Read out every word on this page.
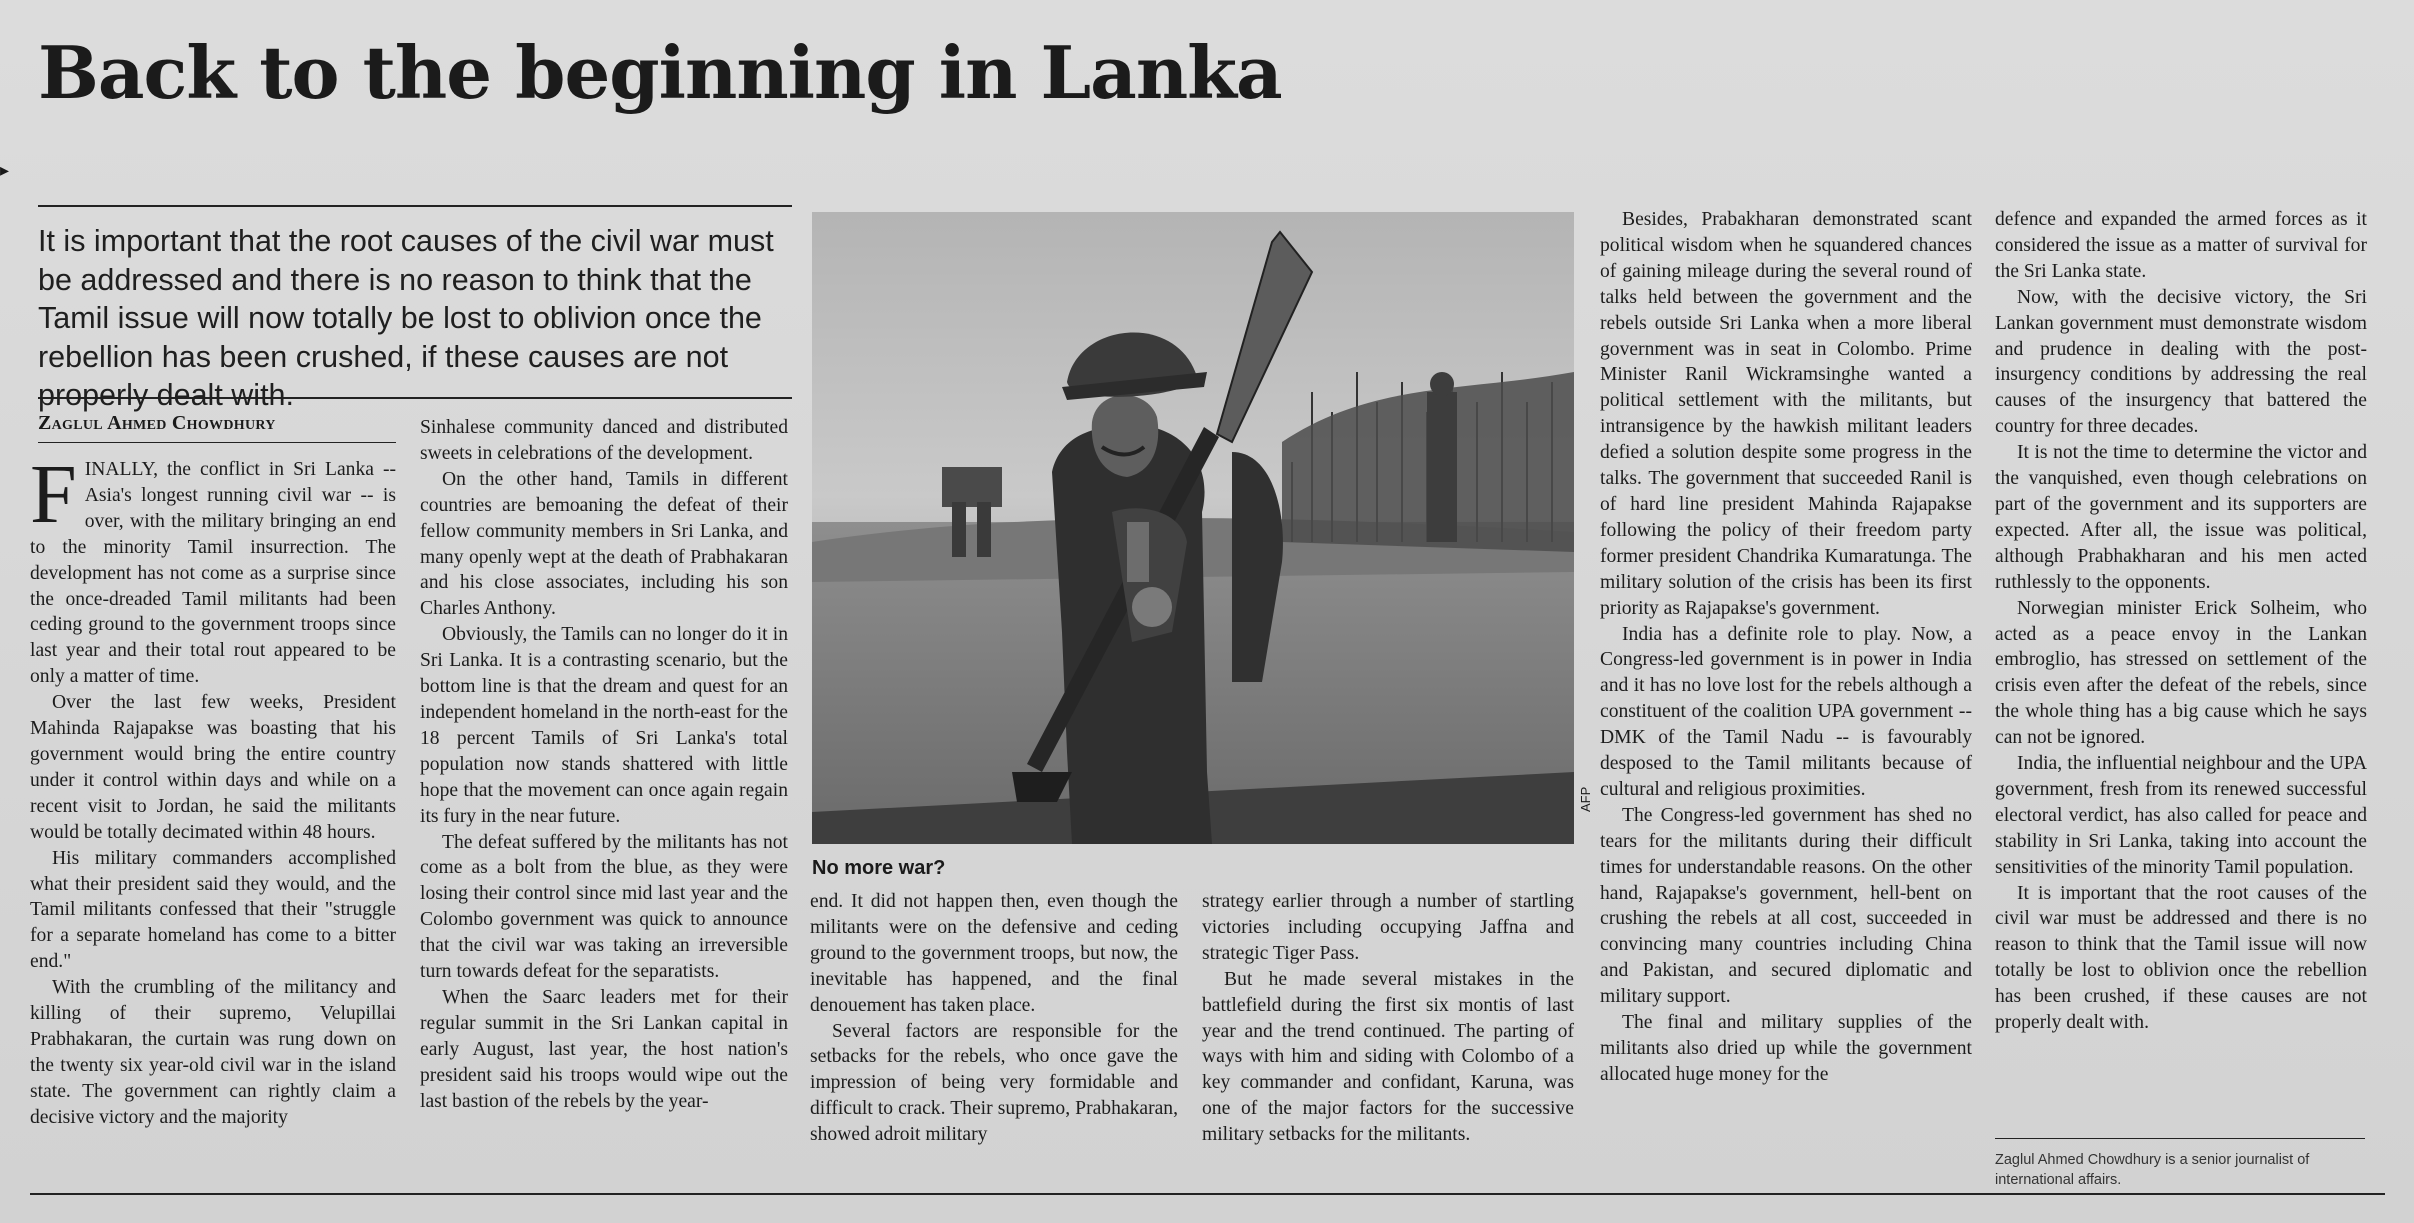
Back to the beginning in Lanka
▸
It is important that the root causes of the civil war must be addressed and there is no reason to think that the Tamil issue will now totally be lost to oblivion once the rebellion has been crushed, if these causes are not properly dealt with.
Zaglul Ahmed Chowdhury

FINALLY, the conflict in Sri Lanka -- Asia's longest running civil war -- is over, with the military bringing an end to the minority Tamil insurrection. The development has not come as a surprise since the once-dreaded Tamil militants had been ceding ground to the government troops since last year and their total rout appeared to be only a matter of time.

Over the last few weeks, President Mahinda Rajapakse was boasting that his government would bring the entire country under it control within days and while on a recent visit to Jordan, he said the militants would be totally decimated within 48 hours.

His military commanders accomplished what their president said they would, and the Tamil militants confessed that their "struggle for a separate homeland has come to a bitter end."

With the crumbling of the militancy and killing of their supremo, Velupillai Prabhakaran, the curtain was rung down on the twenty six year-old civil war in the island state. The government can rightly claim a decisive victory and the majority

Sinhalese community danced and distributed sweets in celebrations of the development.

On the other hand, Tamils in different countries are bemoaning the defeat of their fellow community members in Sri Lanka, and many openly wept at the death of Prabhakaran and his close associates, including his son Charles Anthony.

Obviously, the Tamils can no longer do it in Sri Lanka. It is a contrasting scenario, but the bottom line is that the dream and quest for an independent homeland in the north-east for the 18 percent Tamils of Sri Lanka's total population now stands shattered with little hope that the movement can once again regain its fury in the near future.

The defeat suffered by the militants has not come as a bolt from the blue, as they were losing their control since mid last year and the Colombo government was quick to announce that the civil war was taking an irreversible turn towards defeat for the separatists.

When the Saarc leaders met for their regular summit in the Sri Lankan capital in early August, last year, the host nation's president said his troops would wipe out the last bastion of the rebels by the year-

AFP
No more war?

end. It did not happen then, even though the militants were on the defensive and ceding ground to the government troops, but now, the inevitable has happened, and the final denouement has taken place.

Several factors are responsible for the setbacks for the rebels, who once gave the impression of being very formidable and difficult to crack. Their supremo, Prabhakaran, showed adroit military

strategy earlier through a number of startling victories including occupying Jaffna and strategic Tiger Pass.

But he made several mistakes in the battlefield during the first six montis of last year and the trend continued. The parting of ways with him and siding with Colombo of a key commander and confidant, Karuna, was one of the major factors for the successive military setbacks for the militants.

Besides, Prabakharan demonstrated scant political wisdom when he squandered chances of gaining mileage during the several round of talks held between the government and the rebels outside Sri Lanka when a more liberal government was in seat in Colombo. Prime Minister Ranil Wickramsinghe wanted a political settlement with the militants, but intransigence by the hawkish militant leaders defied a solution despite some progress in the talks. The government that succeeded Ranil is of hard line president Mahinda Rajapakse following the policy of their freedom party former president Chandrika Kumaratunga. The military solution of the crisis has been its first priority as Rajapakse's government.

India has a definite role to play. Now, a Congress-led government is in power in India and it has no love lost for the rebels although a constituent of the coalition UPA government -- DMK of the Tamil Nadu -- is favourably desposed to the Tamil militants because of cultural and religious proximities.

The Congress-led government has shed no tears for the militants during their difficult times for understandable reasons. On the other hand, Rajapakse's government, hell-bent on crushing the rebels at all cost, succeeded in convincing many countries including China and Pakistan, and secured diplomatic and military support.

The final and military supplies of the militants also dried up while the government allocated huge money for the

defence and expanded the armed forces as it considered the issue as a matter of survival for the Sri Lanka state.

Now, with the decisive victory, the Sri Lankan government must demonstrate wisdom and prudence in dealing with the post-insurgency conditions by addressing the real causes of the insurgency that battered the country for three decades.

It is not the time to determine the victor and the vanquished, even though celebrations on part of the government and its supporters are expected. After all, the issue was political, although Prabhakharan and his men acted ruthlessly to the opponents.

Norwegian minister Erick Solheim, who acted as a peace envoy in the Lankan embroglio, has stressed on settlement of the crisis even after the defeat of the rebels, since the whole thing has a big cause which he says can not be ignored.

India, the influential neighbour and the UPA government, fresh from its renewed successful electoral verdict, has also called for peace and stability in Sri Lanka, taking into account the sensitivities of the minority Tamil population.

It is important that the root causes of the civil war must be addressed and there is no reason to think that the Tamil issue will now totally be lost to oblivion once the rebellion has been crushed, if these causes are not properly dealt with.

Zaglul Ahmed Chowdhury is a senior journalist of international affairs.
